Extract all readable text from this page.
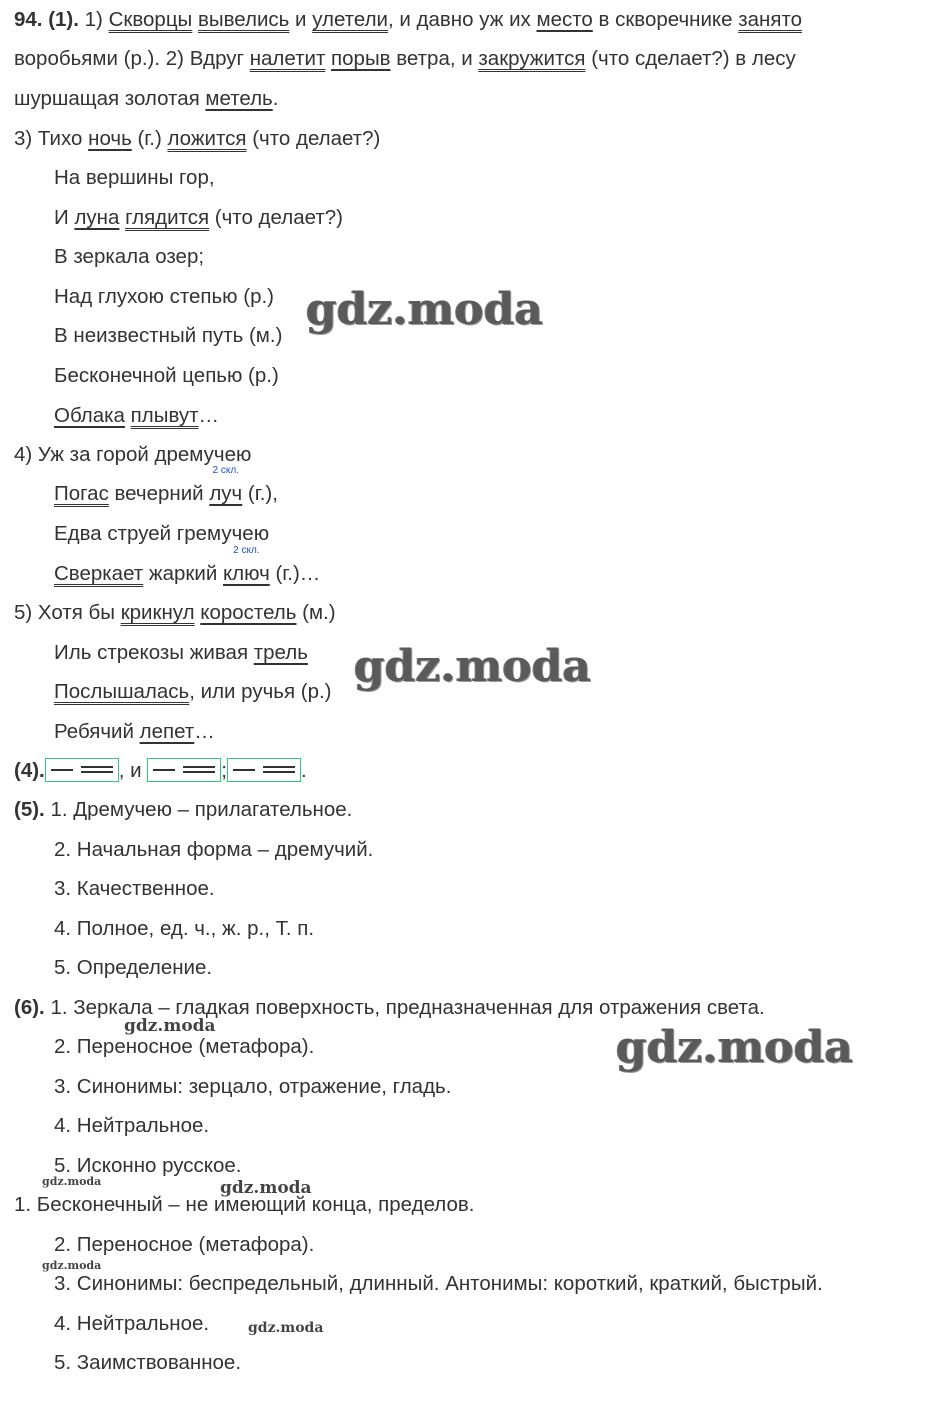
94. (1). 1) Скворцы вывелись и улетели, и давно уж их место в скворечнике занято
воробьями (р.). 2) Вдруг налетит порыв ветра, и закружится (что сделает?) в лесу
шуршащая золотая метель.
3) Тихо ночь (г.) ложится (что делает?)
На вершины гор,
И луна глядится (что делает?)
В зеркала озер;
Над глухою степью (р.)
В неизвестный путь (м.)
Бесконечной цепью (р.)
Облака плывут…
4) Уж за горой дремучею
Погас вечерний луч
2 скл.
(г.),
Едва струей гремучею
Сверкает жаркий ключ
2 скл.
(г.)…
5) Хотя бы крикнул коростель (м.)
Иль стрекозы живая трель
Послышалась, или ручья (р.)
Ребячий лепет…
(4).	, и	;	.
(5). 1. Дремучею – прилагательное.
2. Начальная форма – дремучий.
3. Качественное.
4. Полное, ед. ч., ж. р., Т. п.
5. Определение.
(6). 1. Зеркала – гладкая поверхность, предназначенная для отражения света.
2. Переносное (метафора).
3. Синонимы: зерцало, отражение, гладь.
4. Нейтральное.
5. Исконно русское.
1. Бесконечный – не имеющий конца, пределов.
2. Переносное (метафора).
3. Синонимы: беспредельный, длинный. Антонимы: короткий, краткий, быстрый.
4. Нейтральное.
5. Заимствованное.
gdz.moda
gdz.moda
gdz.moda
gdz.moda
gdz.moda
gdz.moda
gdz.moda
gdz.moda
